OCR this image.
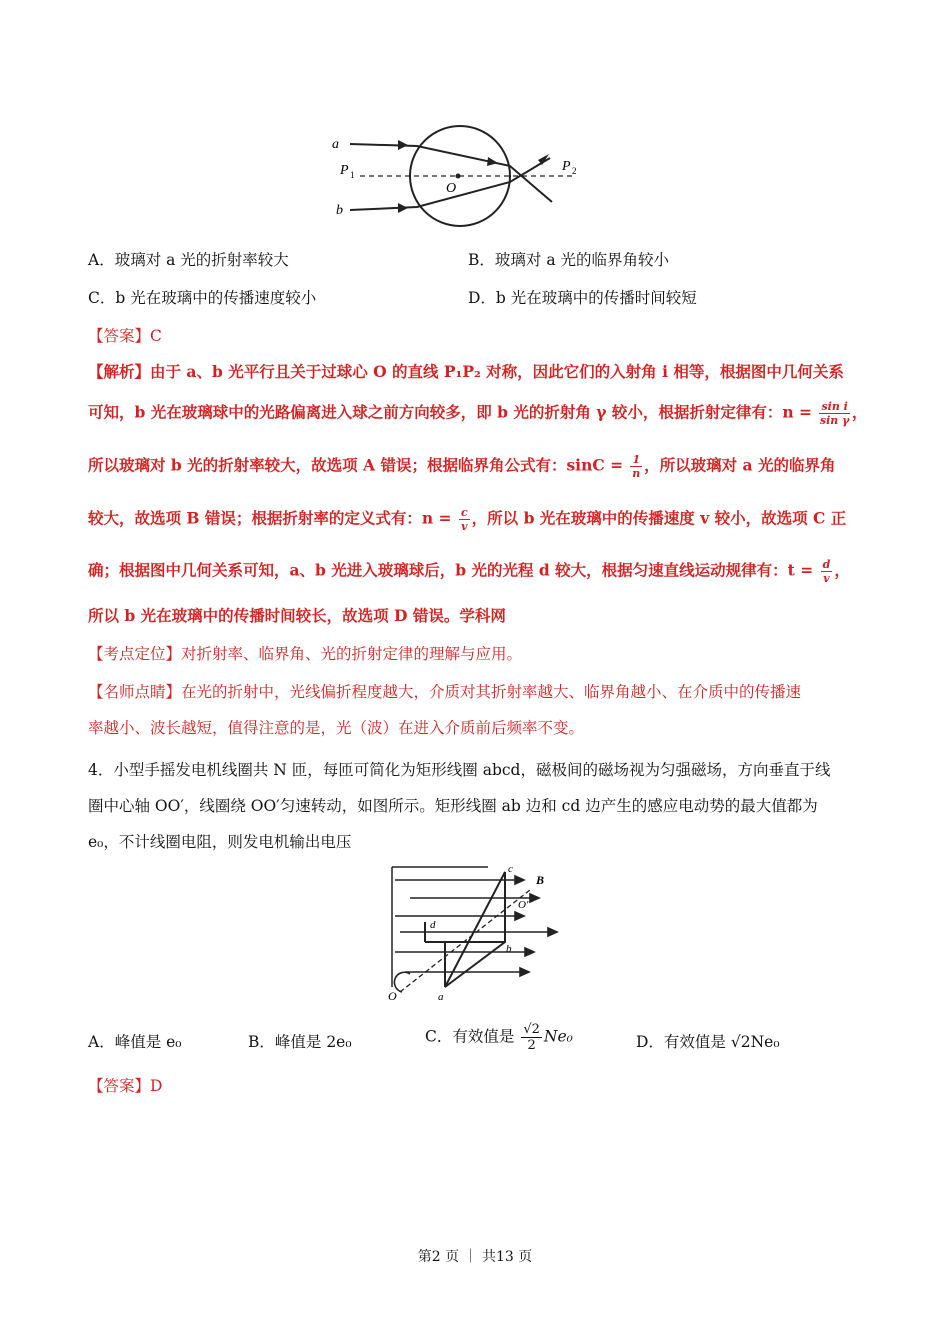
a
b
P 1
P 2
O
A．玻璃对 a 光的折射率较大	B．玻璃对 a 光的临界角较小
C．b 光在玻璃中的传播速度较小	D．b 光在玻璃中的传播时间较短
【答案】C
【解析】由于 a、b 光平行且关于过球心 O 的直线 P₁P₂ 对称，因此它们的入射角 i 相等，根据图中几何关系
可知，b 光在玻璃球中的光路偏离进入球之前方向较多，即 b 光的折射角 γ 较小，根据折射定律有：$n = \frac{\text{sin i}}{\text{sin γ}}$ ，
所以玻璃对 b 光的折射率较大，故选项 A 错误；根据临界角公式有：$\sin C = \frac{1}{n}$ ，所以玻璃对 a 光的临界角
较大，故选项 B 错误；根据折射率的定义式有：$n = \frac{c}{v}$ ，所以 b 光在玻璃中的传播速度 v 较小，故选项 C 正
确；根据图中几何关系可知，a、b 光进入玻璃球后，b 光的光程 d 较大，根据匀速直线运动规律有：$t = \frac{d}{v}$ ，
所以 b 光在玻璃中的传播时间较长，故选项 D 错误。学科网
【考点定位】对折射率、临界角、光的折射定律的理解与应用。
【名师点睛】在光的折射中，光线偏折程度越大，介质对其折射率越大、临界角越小、在介质中的传播速
率越小、波长越短，值得注意的是，光（波）在进入介质前后频率不变。
4．小型手摇发电机线圈共 N 匝，每匝可简化为矩形线圈 abcd，磁极间的磁场视为匀强磁场，方向垂直于线
圈中心轴 OO′，线圈绕 OO′匀速转动，如图所示。矩形线圈 ab 边和 cd 边产生的感应电动势的最大值都为
e₀，不计线圈电阻，则发电机输出电压
c
B
O′
d
b
O	a
A．峰值是 e₀	B．峰值是 2e₀	C．有效值是 $\frac{√2}{2} Ne_0$	D．有效值是 √2Ne₀
【答案】D
第2 页 ｜ 共13 页
